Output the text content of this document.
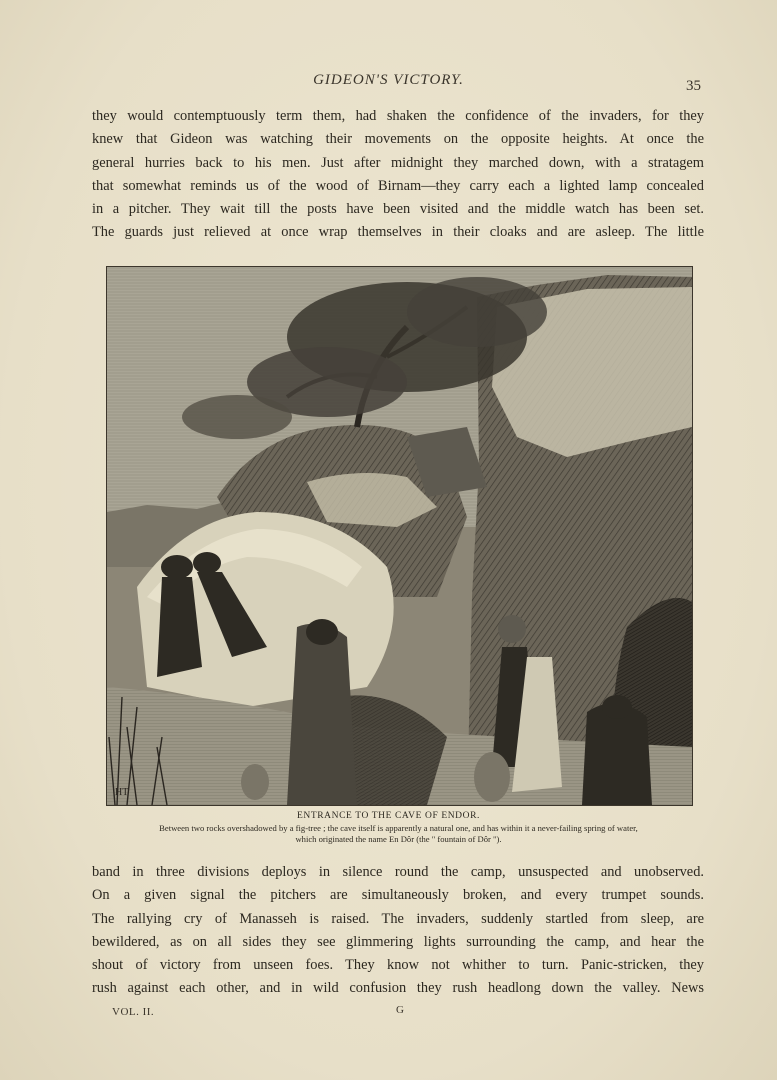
GIDEON'S VICTORY.	35
they would contemptuously term them, had shaken the confidence of the invaders, for they
knew that Gideon was watching their movements on the opposite heights. At once the
general hurries back to his men. Just after midnight they marched down, with a stratagem
that somewhat reminds us of the wood of Birnam—they carry each a lighted lamp concealed
in a pitcher. They wait till the posts have been visited and the middle watch has been set.
The guards just relieved at once wrap themselves in their cloaks and are asleep. The little
HT
ENTRANCE TO THE CAVE OF ENDOR.
Between two rocks overshadowed by a fig-tree ; the cave itself is apparently a natural one, and has within it a never-failing spring of water,
which originated the name En Dôr (the " fountain of Dôr ").
band in three divisions deploys in silence round the camp, unsuspected and unobserved.
On a given signal the pitchers are simultaneously broken, and every trumpet sounds.
The rallying cry of Manasseh is raised. The invaders, suddenly startled from sleep, are
bewildered, as on all sides they see glimmering lights surrounding the camp, and hear the
shout of victory from unseen foes. They know not whither to turn. Panic-stricken, they
rush against each other, and in wild confusion they rush headlong down the valley. News
VOL. II.	G
